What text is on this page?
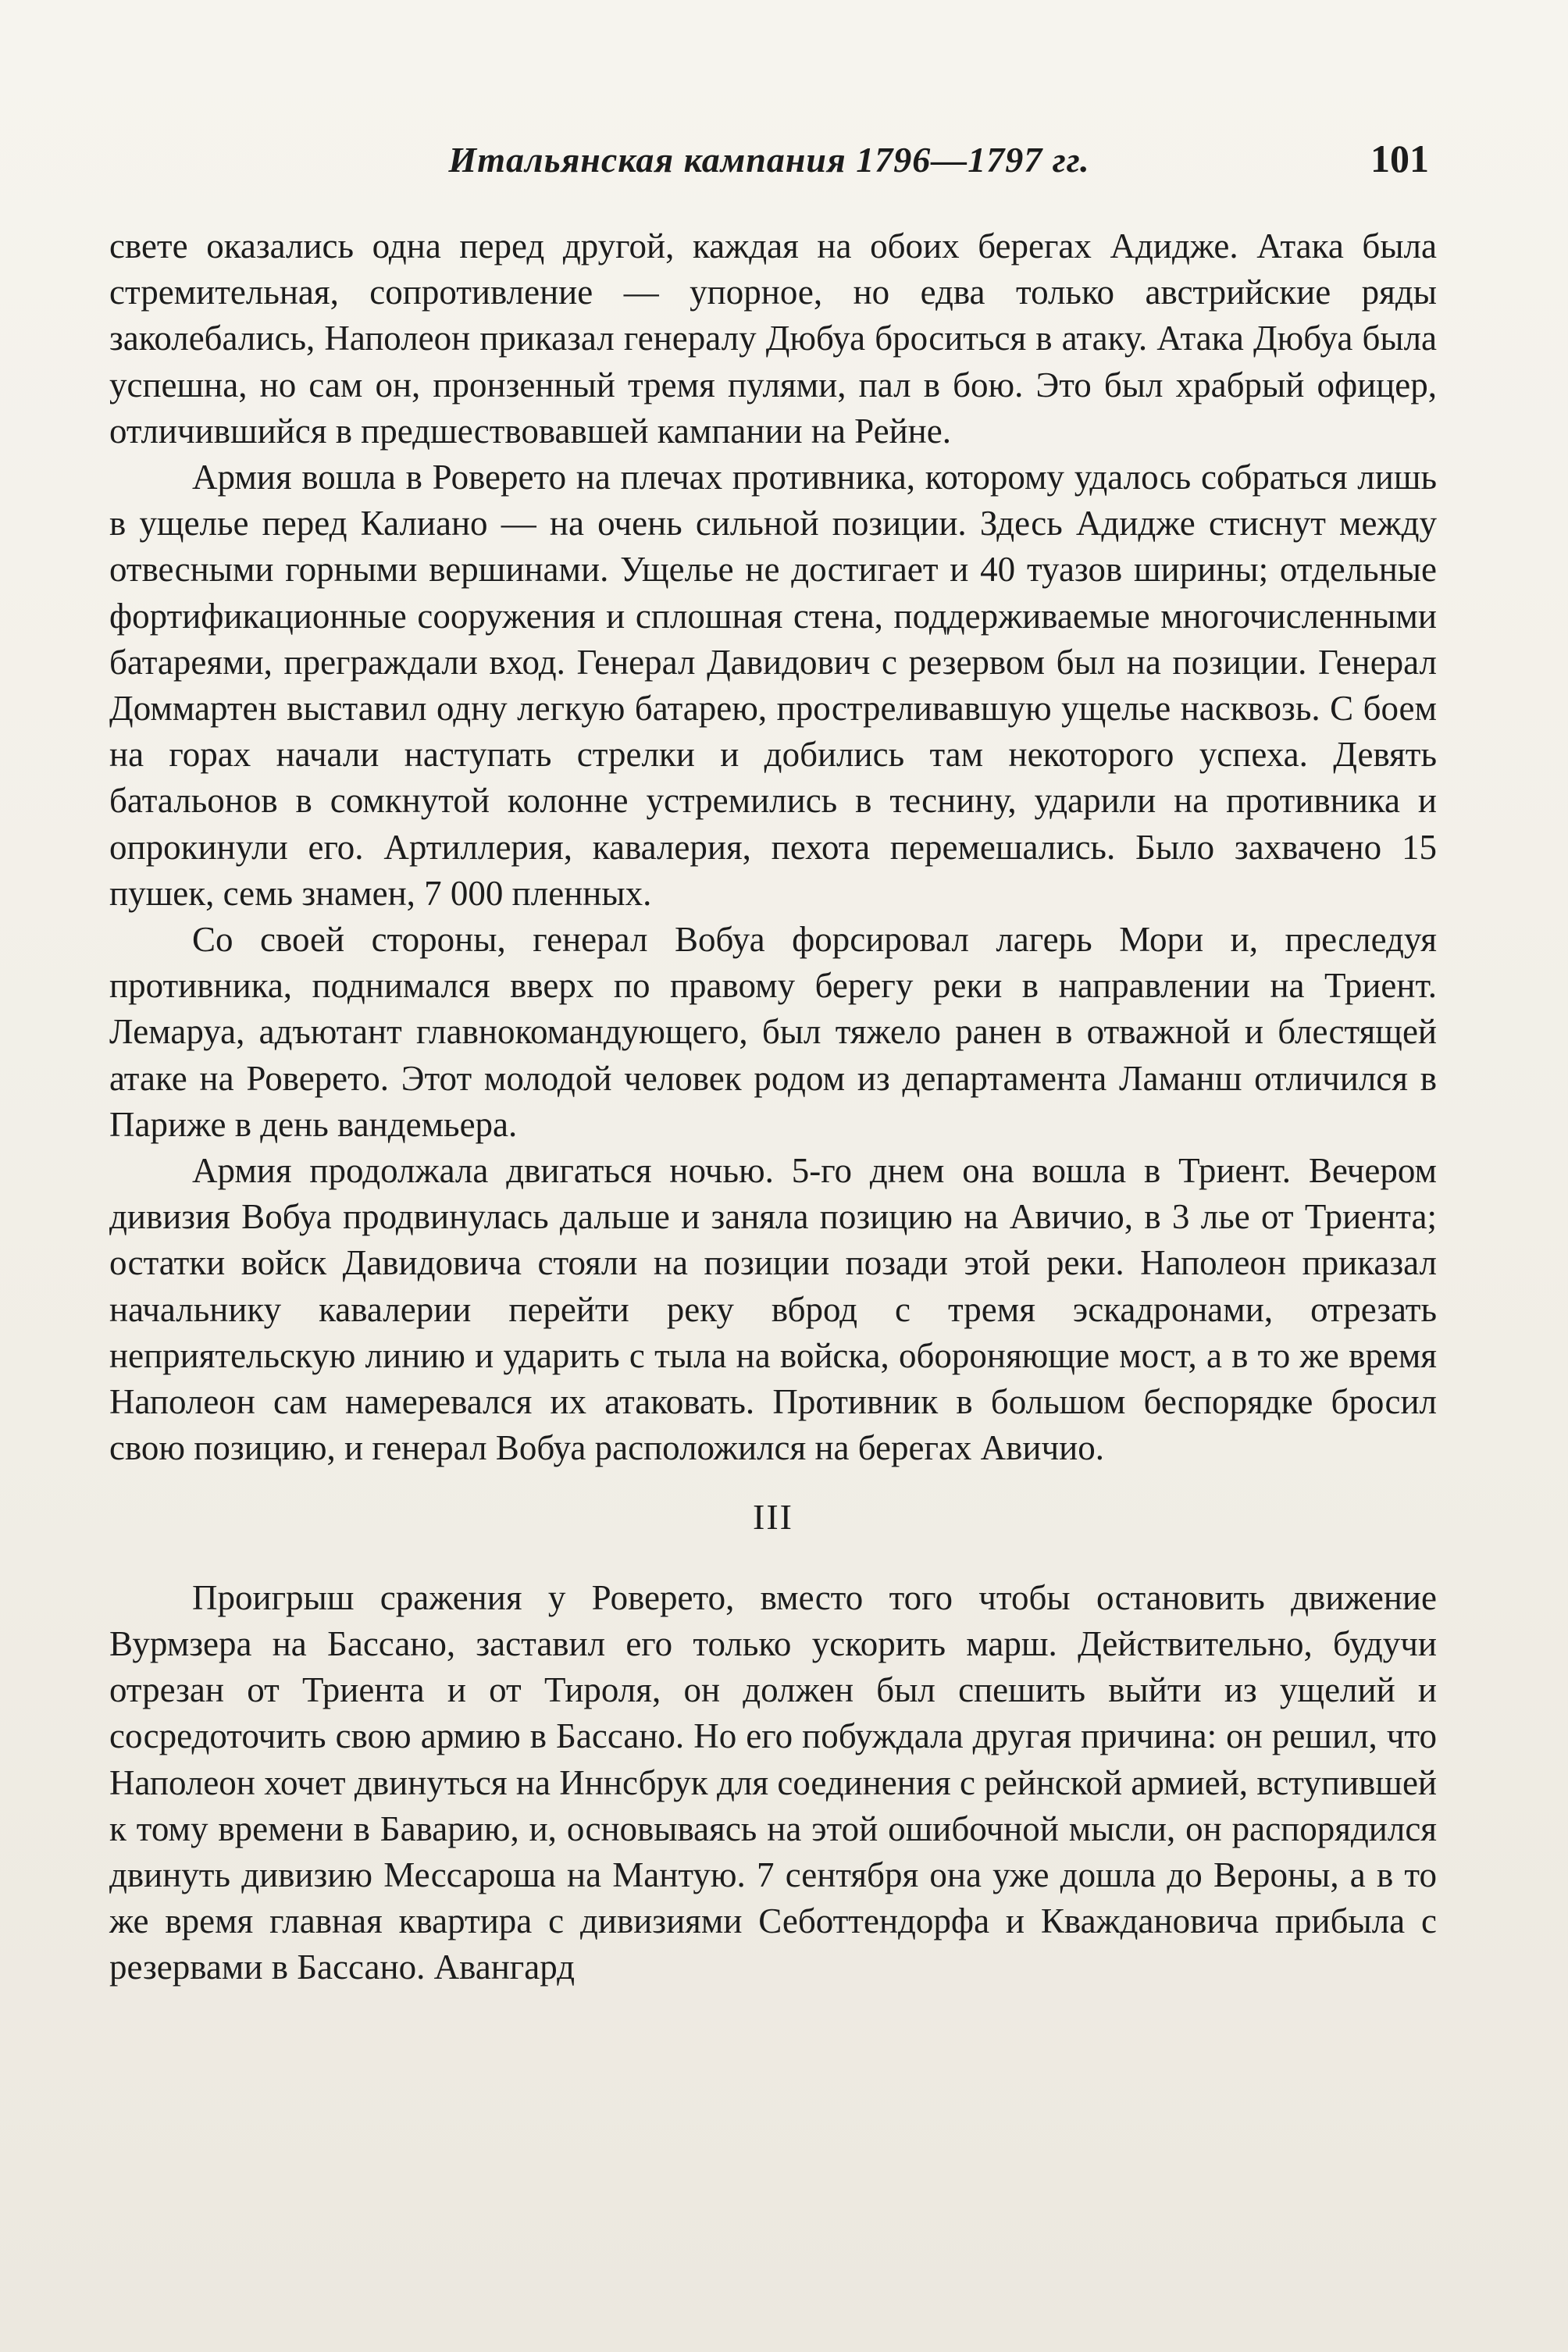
Итальянская кампания 1796—1797 гг.	101

свете оказались одна перед другой, каждая на обоих берегах Адидже. Атака была стремительная, сопротивление — упорное, но едва только австрийские ряды заколебались, Наполеон приказал генералу Дюбуа броситься в атаку. Атака Дюбуа была успешна, но сам он, пронзенный тремя пулями, пал в бою. Это был храбрый офицер, отличившийся в предшествовавшей кампании на Рейне.

Армия вошла в Роверето на плечах противника, которому удалось собраться лишь в ущелье перед Калиано — на очень сильной позиции. Здесь Адидже стиснут между отвесными горными вершинами. Ущелье не достигает и 40 туазов ширины; отдельные фортификационные сооружения и сплошная стена, поддерживаемые многочисленными батареями, преграждали вход. Генерал Давидович с резервом был на позиции. Генерал Доммартен выставил одну легкую батарею, простреливавшую ущелье насквозь. С боем на горах начали наступать стрелки и добились там некоторого успеха. Девять батальонов в сомкнутой колонне устремились в теснину, ударили на противника и опрокинули его. Артиллерия, кавалерия, пехота перемешались. Было захвачено 15 пушек, семь знамен, 7 000 пленных.

Со своей стороны, генерал Вобуа форсировал лагерь Мори и, преследуя противника, поднимался вверх по правому берегу реки в направлении на Триент. Лемаруа, адъютант главнокомандующего, был тяжело ранен в отважной и блестящей атаке на Роверето. Этот молодой человек родом из департамента Ламанш отличился в Париже в день вандемьера.

Армия продолжала двигаться ночью. 5-го днем она вошла в Триент. Вечером дивизия Вобуа продвинулась дальше и заняла позицию на Авичио, в 3 лье от Триента; остатки войск Давидовича стояли на позиции позади этой реки. Наполеон приказал начальнику кавалерии перейти реку вброд с тремя эскадронами, отрезать неприятельскую линию и ударить с тыла на войска, обороняющие мост, а в то же время Наполеон сам намеревался их атаковать. Противник в большом беспорядке бросил свою позицию, и генерал Вобуа расположился на берегах Авичио.

III

Проигрыш сражения у Роверето, вместо того чтобы остановить движение Вурмзера на Бассано, заставил его только ускорить марш. Действительно, будучи отрезан от Триента и от Тироля, он должен был спешить выйти из ущелий и сосредоточить свою армию в Бассано. Но его побуждала другая причина: он решил, что Наполеон хочет двинуться на Иннсбрук для соединения с рейнской армией, вступившей к тому времени в Баварию, и, основываясь на этой ошибочной мысли, он распорядился двинуть дивизию Мессароша на Мантую. 7 сентября она уже дошла до Вероны, а в то же время главная квартира с дивизиями Себоттендорфа и Кваждановича прибыла с резервами в Бассано. Авангард
